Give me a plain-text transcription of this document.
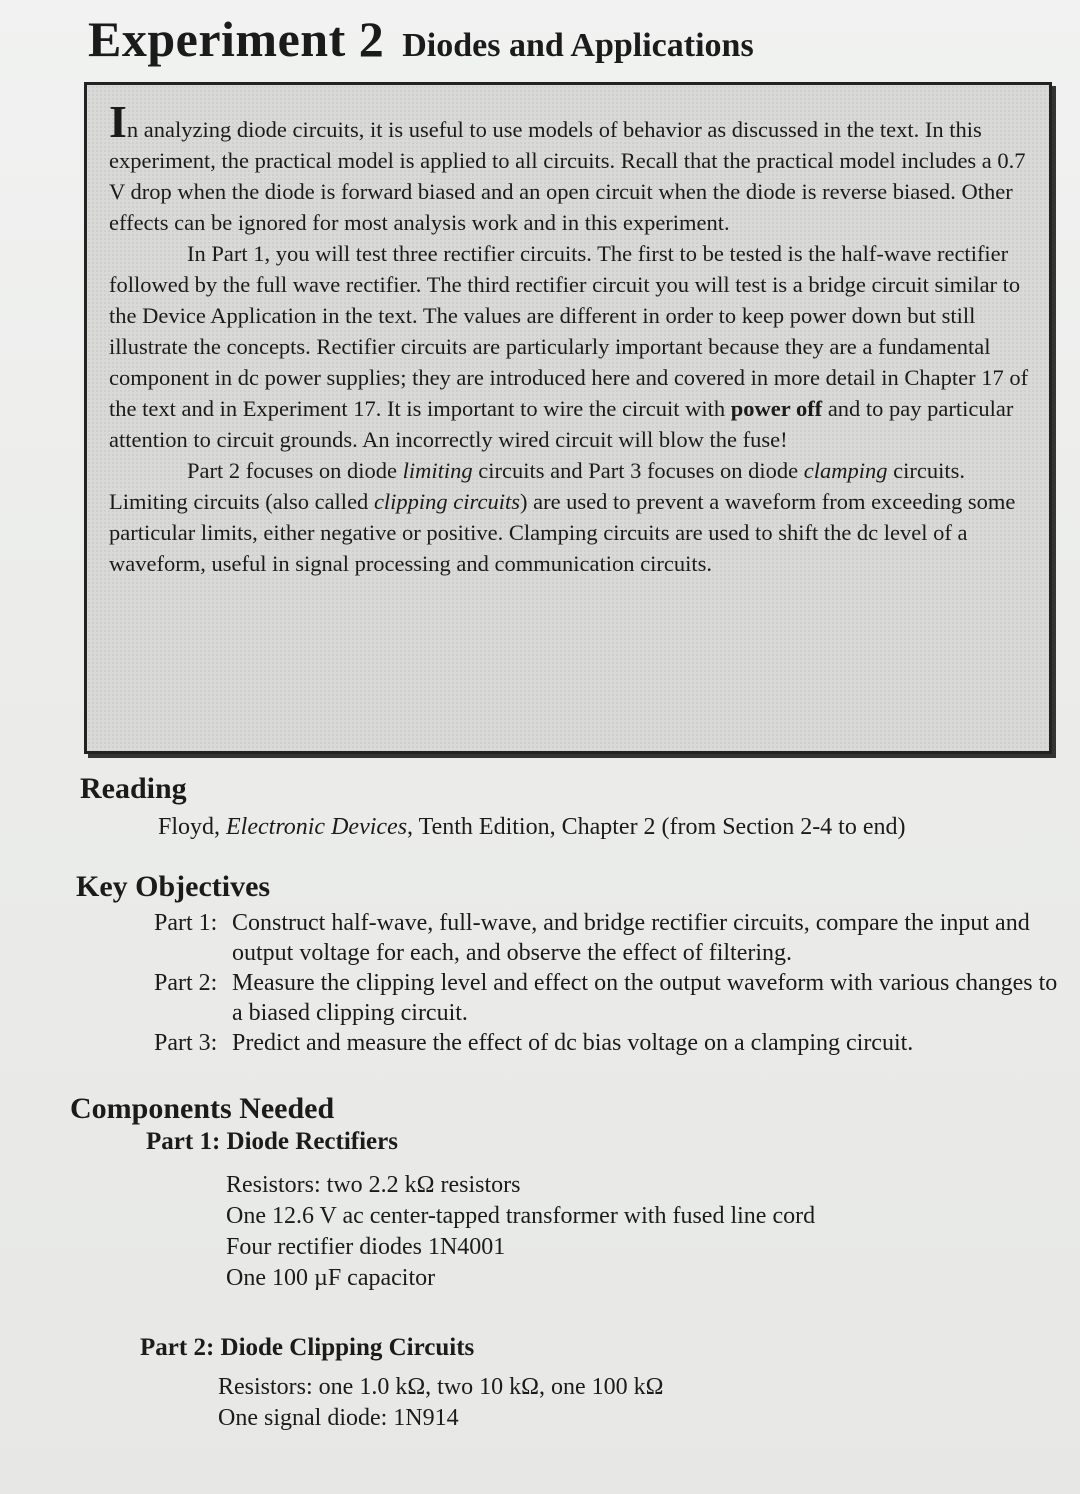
Experiment 2 Diodes and Applications

In analyzing diode circuits, it is useful to use models of behavior as discussed in the text. In this experiment, the practical model is applied to all circuits. Recall that the practical model includes a 0.7 V drop when the diode is forward biased and an open circuit when the diode is reverse biased. Other effects can be ignored for most analysis work and in this experiment.

In Part 1, you will test three rectifier circuits. The first to be tested is the half-wave rectifier followed by the full wave rectifier. The third rectifier circuit you will test is a bridge circuit similar to the Device Application in the text. The values are different in order to keep power down but still illustrate the concepts. Rectifier circuits are particularly important because they are a fundamental component in dc power supplies; they are introduced here and covered in more detail in Chapter 17 of the text and in Experiment 17. It is important to wire the circuit with power off and to pay particular attention to circuit grounds. An incorrectly wired circuit will blow the fuse!

Part 2 focuses on diode limiting circuits and Part 3 focuses on diode clamping circuits. Limiting circuits (also called clipping circuits) are used to prevent a waveform from exceeding some particular limits, either negative or positive. Clamping circuits are used to shift the dc level of a waveform, useful in signal processing and communication circuits.

Reading

Floyd, Electronic Devices, Tenth Edition, Chapter 2 (from Section 2-4 to end)

Key Objectives
Part 1: Construct half-wave, full-wave, and bridge rectifier circuits, compare the input and output voltage for each, and observe the effect of filtering.
Part 2: Measure the clipping level and effect on the output waveform with various changes to a biased clipping circuit.
Part 3: Predict and measure the effect of dc bias voltage on a clamping circuit.
Components Needed
Part 1: Diode Rectifiers

Resistors: two 2.2 kΩ resistors

One 12.6 V ac center-tapped transformer with fused line cord

Four rectifier diodes 1N4001

One 100 µF capacitor

Part 2: Diode Clipping Circuits

Resistors: one 1.0 kΩ, two 10 kΩ, one 100 kΩ

One signal diode: 1N914
